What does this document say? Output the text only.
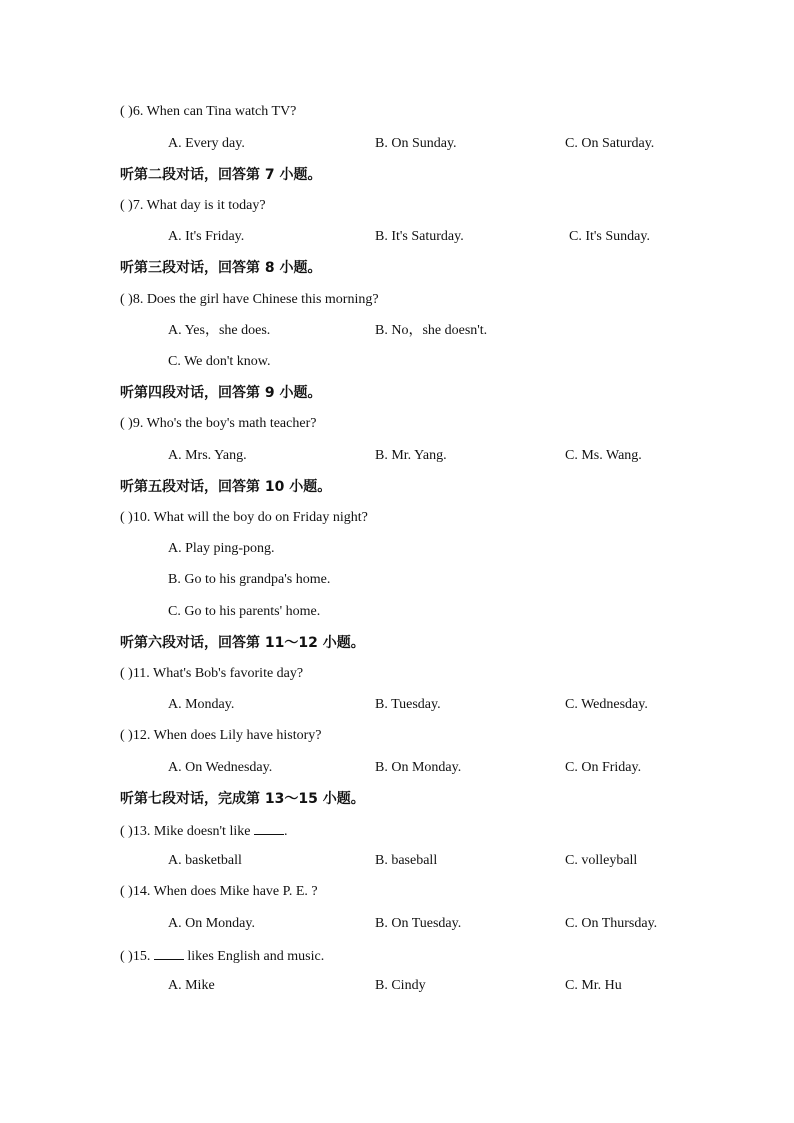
( )6. When can Tina watch TV?
A. Every day.	B. On Sunday.	C. On Saturday.
听第二段对话，回答第 7 小题。
( )7. What day is it today?
A. It's Friday.	B. It's Saturday.	C. It's Sunday.
听第三段对话，回答第 8 小题。
( )8. Does the girl have Chinese this morning?
A. Yes，she does.	B. No，she doesn't.
C. We don't know.
听第四段对话，回答第 9 小题。
( )9. Who's the boy's math teacher?
A. Mrs. Yang.	B. Mr. Yang.	C. Ms. Wang.
听第五段对话，回答第 10 小题。
( )10. What will the boy do on Friday night?
A. Play ping-pong.
B. Go to his grandpa's home.
C. Go to his parents' home.
听第六段对话，回答第 11～12 小题。
( )11. What's Bob's favorite day?
A. Monday.	B. Tuesday.	C. Wednesday.
( )12. When does Lily have history?
A. On Wednesday.	B. On Monday.	C. On Friday.
听第七段对话，完成第 13～15 小题。
( )13. Mike doesn't like .
A. basketball	B. baseball	C. volleyball
( )14. When does Mike have P. E. ?
A. On Monday.	B. On Tuesday.	C. On Thursday.
( )15.	likes English and music.
A. Mike	B. Cindy	C. Mr. Hu
